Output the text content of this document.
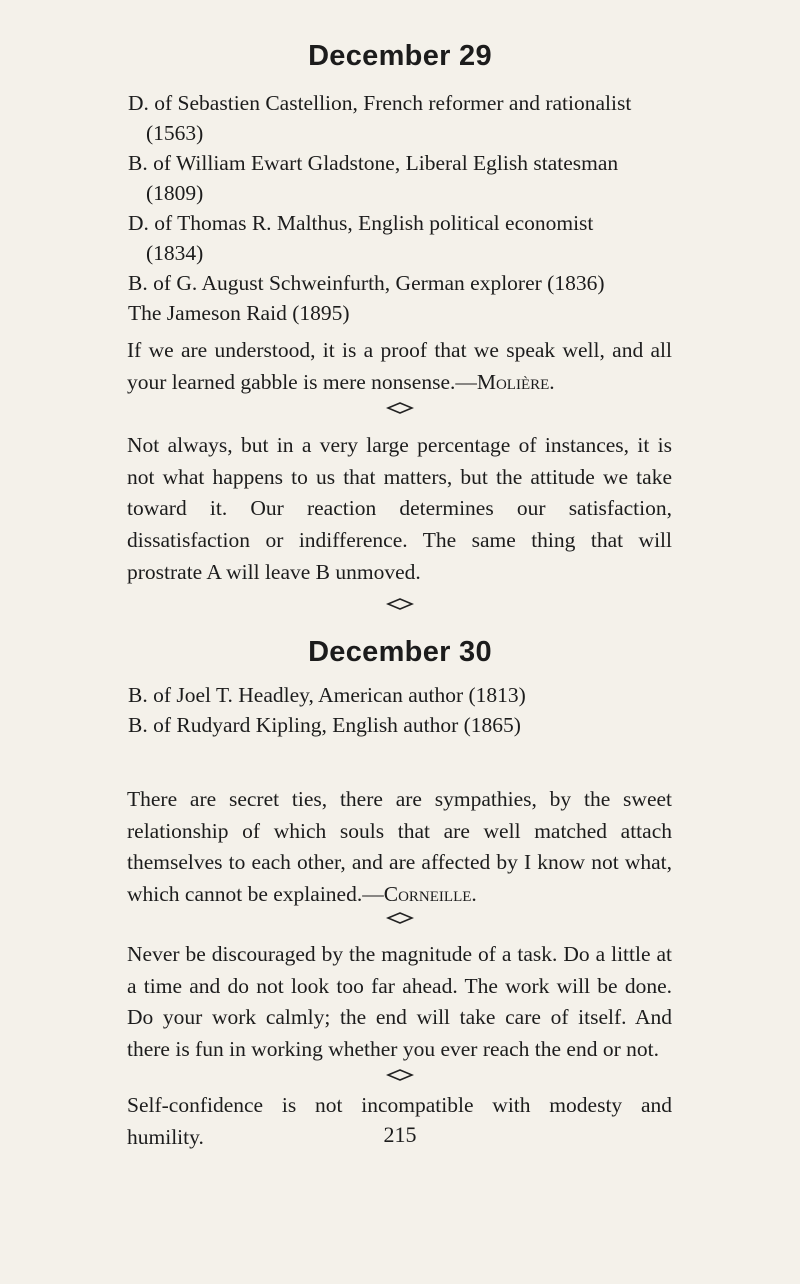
December 29

D. of Sebastien Castellion, French reformer and rationalist
(1563)

B. of William Ewart Gladstone, Liberal Eglish statesman
(1809)

D. of Thomas R. Malthus, English political economist
(1834)

B. of G. August Schweinfurth, German explorer (1836)

The Jameson Raid (1895)

If we are understood, it is a proof that we speak well, and all your learned gabble is mere nonsense.—Molière.

Not always, but in a very large percentage of instances, it is not what happens to us that matters, but the attitude we take toward it. Our reaction determines our satisfaction, dissatisfaction or indifference. The same thing that will prostrate A will leave B unmoved.

December 30

B. of Joel T. Headley, American author (1813)

B. of Rudyard Kipling, English author (1865)

There are secret ties, there are sympathies, by the sweet relationship of which souls that are well matched attach themselves to each other, and are affected by I know not what, which cannot be explained.—Corneille.

Never be discouraged by the magnitude of a task. Do a little at a time and do not look too far ahead. The work will be done. Do your work calmly; the end will take care of itself. And there is fun in working whether you ever reach the end or not.

Self-confidence is not incompatible with modesty and humility.	215
